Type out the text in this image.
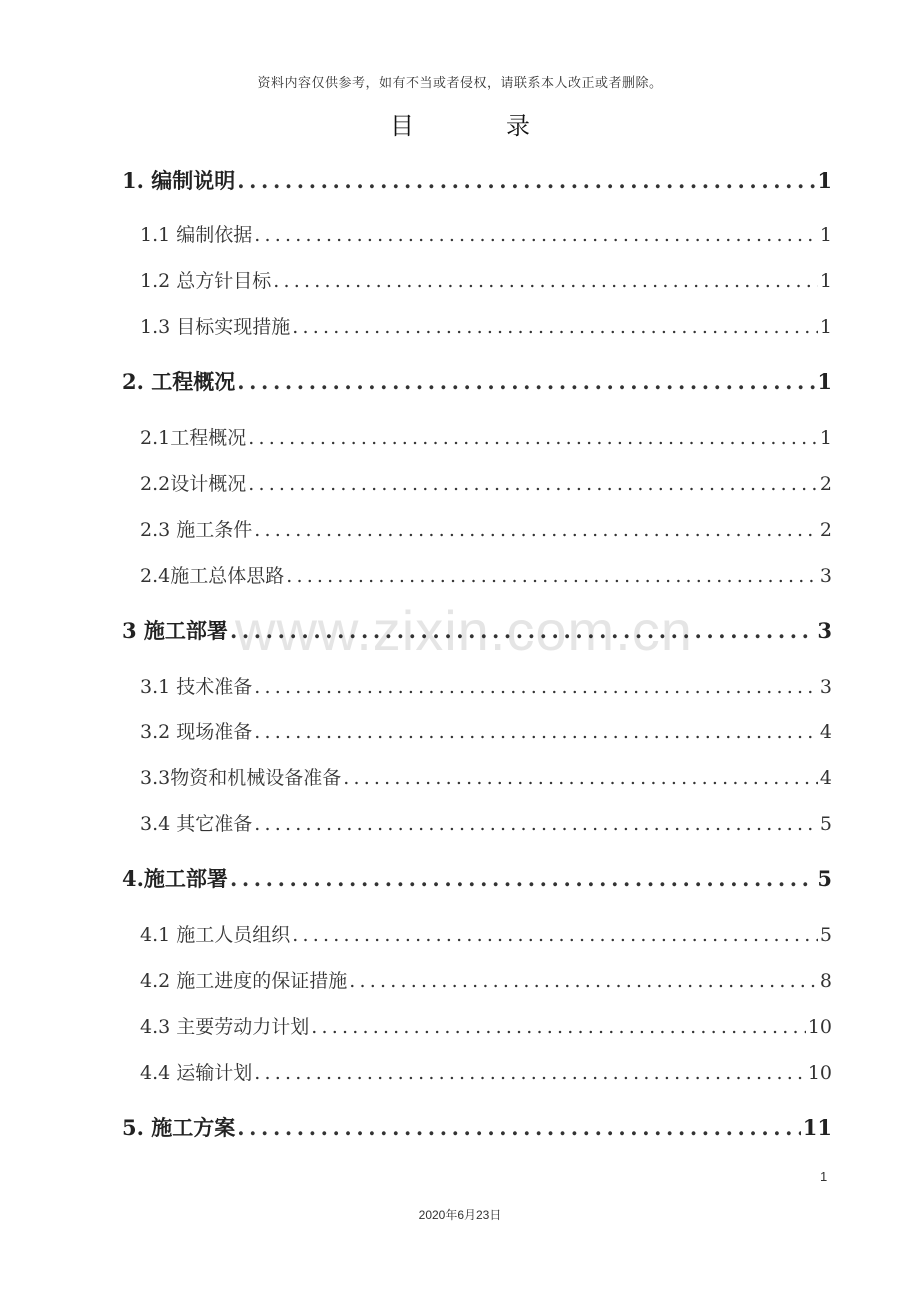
资料内容仅供参考，如有不当或者侵权，请联系本人改正或者删除。
目	录
www.zixin.com.cn
1. 编制说明 .....	1
1.1 编制依据 .....	1
1.2 总方针目标 .....	1
1.3 目标实现措施 .....	1
2. 工程概况 .....	1
2.1工程概况 .....	1
2.2设计概况 .....	2
2.3 施工条件 .....	2
2.4施工总体思路 .....	3
3 施工部署 .....	3
3.1 技术准备 .....	3
3.2 现场准备 .....	4
3.3物资和机械设备准备 .....	4
3.4 其它准备 .....	5
4.施工部署 .....	5
4.1 施工人员组织 .....	5
4.2 施工进度的保证措施 .....	8
4.3 主要劳动力计划 .....	10
4.4 运输计划 .....	10
5. 施工方案 .....	11
1
2020年6月23日
